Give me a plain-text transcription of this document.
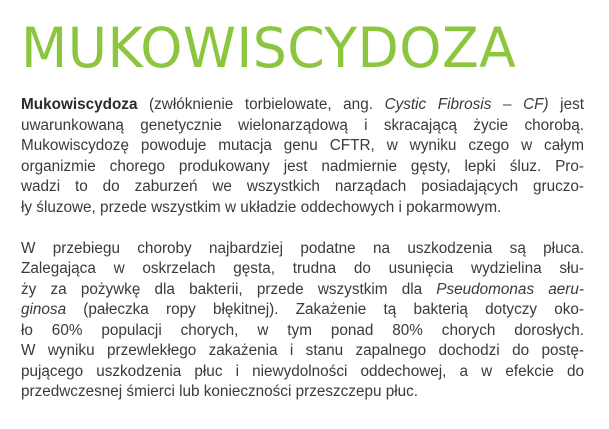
MUKOWISCYDOZA

Mukowiscydoza (zwłóknienie torbielowate, ang. Cystic Fibrosis – CF) jest
uwarunkowaną genetycznie wielonarządową i skracającą życie chorobą.
Mukowiscydozę powoduje mutacja genu CFTR, w wyniku czego w całym
organizmie chorego produkowany jest nadmiernie gęsty, lepki śluz. Pro-
wadzi to do zaburzeń we wszystkich narządach posiadających gruczo-
ły śluzowe, przede wszystkim w układzie oddechowych i pokarmowym.

W przebiegu choroby najbardziej podatne na uszkodzenia są płuca.
Zalegająca w oskrzelach gęsta, trudna do usunięcia wydzielina słu-
ży za pożywkę dla bakterii, przede wszystkim dla Pseudomonas aeru-
ginosa (pałeczka ropy błękitnej). Zakażenie tą bakterią dotyczy oko-
ło 60% populacji chorych, w tym ponad 80% chorych dorosłych.
W wyniku przewlekłego zakażenia i stanu zapalnego dochodzi do postę-
pującego uszkodzenia płuc i niewydolności oddechowej, a w efekcie do
przedwczesnej śmierci lub konieczności przeszczepu płuc.
